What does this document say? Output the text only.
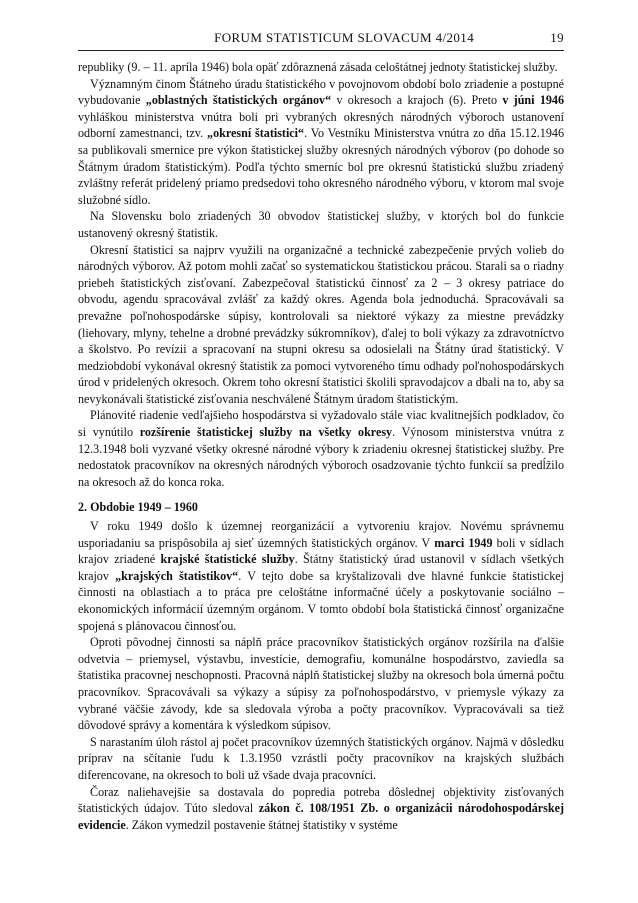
FORUM STATISTICUM SLOVACUM 4/2014	19

republiky (9. – 11. apríla 1946) bola opäť zdôraznená zásada celoštátnej jednoty štatistickej služby.

Významným činom Štátneho úradu štatistického v povojnovom období bolo zriadenie a postupné vybudovanie „oblastných štatistických orgánov“ v okresoch a krajoch (6). Preto v júni 1946 vyhláškou ministerstva vnútra boli pri vybraných okresných národných výboroch ustanovení odborní zamestnanci, tzv. „okresní štatistici“. Vo Vestníku Ministerstva vnútra zo dňa 15.12.1946 sa publikovali smernice pre výkon štatistickej služby okresných národných výborov (po dohode so Štátnym úradom štatistickým). Podľa týchto smerníc bol pre okresnú štatistickú službu zriadený zvláštny referát pridelený priamo predsedovi toho okresného národného výboru, v ktorom mal svoje služobné sídlo.

Na Slovensku bolo zriadených 30 obvodov štatistickej služby, v ktorých bol do funkcie ustanovený okresný štatistik.

Okresní štatistici sa najprv využili na organizačné a technické zabezpečenie prvých volieb do národných výborov. Až potom mohli začať so systematickou štatistickou prácou. Starali sa o riadny priebeh štatistických zisťovaní. Zabezpečoval štatistickú činnosť za 2 – 3 okresy patriace do obvodu, agendu spracovával zvlášť za každý okres. Agenda bola jednoduchá. Spracovávali sa prevažne poľnohospodárske súpisy, kontrolovali sa niektoré výkazy za miestne prevádzky (liehovary, mlyny, tehelne a drobné prevádzky súkromníkov), ďalej to boli výkazy za zdravotníctvo a školstvo. Po revízii a spracovaní na stupni okresu sa odosielali na Štátny úrad štatistický. V medziobdobí vykonával okresný štatistik za pomoci vytvoreného tímu odhady poľnohospodárskych úrod v pridelených okresoch. Okrem toho okresní štatistici školili spravodajcov a dbali na to, aby sa nevykonávali štatistické zisťovania neschválené Štátnym úradom štatistickým.

Plánovité riadenie vedľajšieho hospodárstva si vyžadovalo stále viac kvalitnejších podkladov, čo si vynútilo rozšírenie štatistickej služby na všetky okresy. Výnosom ministerstva vnútra z 12.3.1948 boli vyzvané všetky okresné národné výbory k zriadeniu okresnej štatistickej služby. Pre nedostatok pracovníkov na okresných národných výboroch osadzovanie týchto funkcií sa predĺžilo na okresoch až do konca roka.

2. Obdobie 1949 – 1960

V roku 1949 došlo k územnej reorganizácií a vytvoreniu krajov. Novému správnemu usporiadaniu sa prispôsobila aj sieť územných štatistických orgánov. V marci 1949 boli v sídlach krajov zriadené krajské štatistické služby. Štátny štatistický úrad ustanovil v sídlach všetkých krajov „krajských štatistikov“. V tejto dobe sa kryštalizovali dve hlavné funkcie štatistickej činnosti na oblastiach a to práca pre celoštátne informačné účely a poskytovanie sociálno – ekonomických informácií územným orgánom. V tomto období bola štatistická činnosť organizačne spojená s plánovacou činnosťou.

Oproti pôvodnej činnosti sa náplň práce pracovníkov štatistických orgánov rozšírila na ďalšie odvetvia – priemysel, výstavbu, investície, demografiu, komunálne hospodárstvo, zaviedla sa štatistika pracovnej neschopnosti. Pracovná náplň štatistickej služby na okresoch bola úmerná počtu pracovníkov. Spracovávali sa výkazy a súpisy za poľnohospodárstvo, v priemysle výkazy za vybrané väčšie závody, kde sa sledovala výroba a počty pracovníkov. Vypracovávali sa tiež dôvodové správy a komentára k výsledkom súpisov.

S narastaním úloh rástol aj počet pracovníkov územných štatistických orgánov. Najmä v dôsledku príprav na sčítanie ľudu k 1.3.1950 vzrástli počty pracovníkov na krajských službách diferencovane, na okresoch to boli už všade dvaja pracovníci.

Čoraz naliehavejšie sa dostavala do popredia potreba dôslednej objektivity zisťovaných štatistických údajov. Túto sledoval zákon č. 108/1951 Zb. o organizácii národohospodárskej evidencie. Zákon vymedzil postavenie štátnej štatistiky v systéme
